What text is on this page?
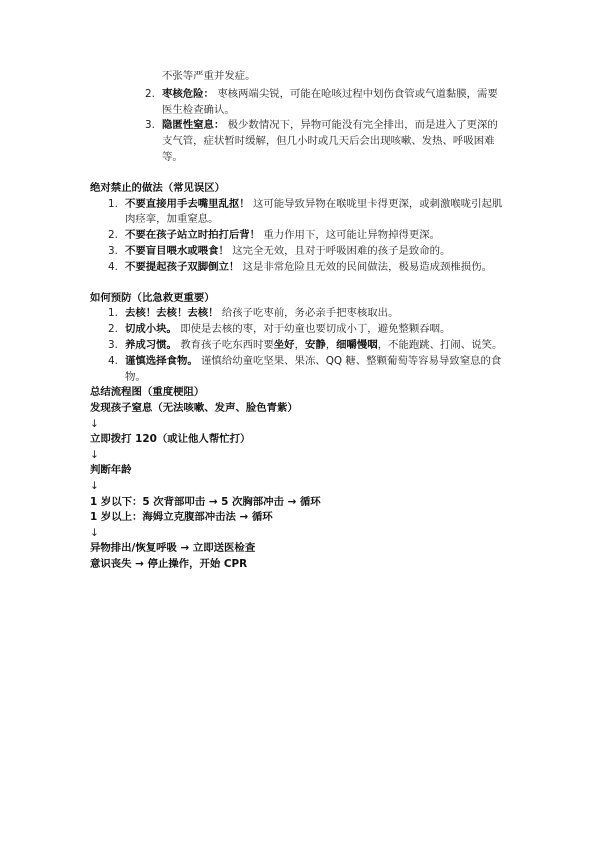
不张等严重并发症。
2. 枣核危险： 枣核两端尖锐，可能在呛咳过程中划伤食管或气道黏膜，需要医生检查确认。
3. 隐匿性窒息： 极少数情况下，异物可能没有完全排出，而是进入了更深的支气管，症状暂时缓解，但几小时或几天后会出现咳嗽、发热、呼吸困难等。
绝对禁止的做法（常见误区）
1. 不要直接用手去嘴里乱抠！ 这可能导致异物在喉咙里卡得更深，或刺激喉咙引起肌肉痉挛，加重窒息。
2. 不要在孩子站立时拍打后背！ 重力作用下，这可能让异物掉得更深。
3. 不要盲目喂水或喂食！ 这完全无效，且对于呼吸困难的孩子是致命的。
4. 不要提起孩子双脚倒立！ 这是非常危险且无效的民间做法，极易造成颈椎损伤。
如何预防（比急救更重要）
1. 去核！去核！去核！ 给孩子吃枣前，务必亲手把枣核取出。
2. 切成小块。 即使是去核的枣，对于幼童也要切成小丁，避免整颗吞咽。
3. 养成习惯。 教育孩子吃东西时要坐好，安静，细嚼慢咽，不能跑跳、打闹、说笑。
4. 谨慎选择食物。 谨慎给幼童吃坚果、果冻、QQ 糖、整颗葡萄等容易导致窒息的食物。
总结流程图（重度梗阻）
发现孩子窒息（无法咳嗽、发声、脸色青紫）
↓
立即拨打 120（或让他人帮忙打）
↓
判断年龄
↓
1 岁以下：5 次背部叩击 → 5 次胸部冲击 → 循环
1 岁以上：海姆立克腹部冲击法 → 循环
↓
异物排出/恢复呼吸 → 立即送医检查
意识丧失 → 停止操作，开始 CPR
